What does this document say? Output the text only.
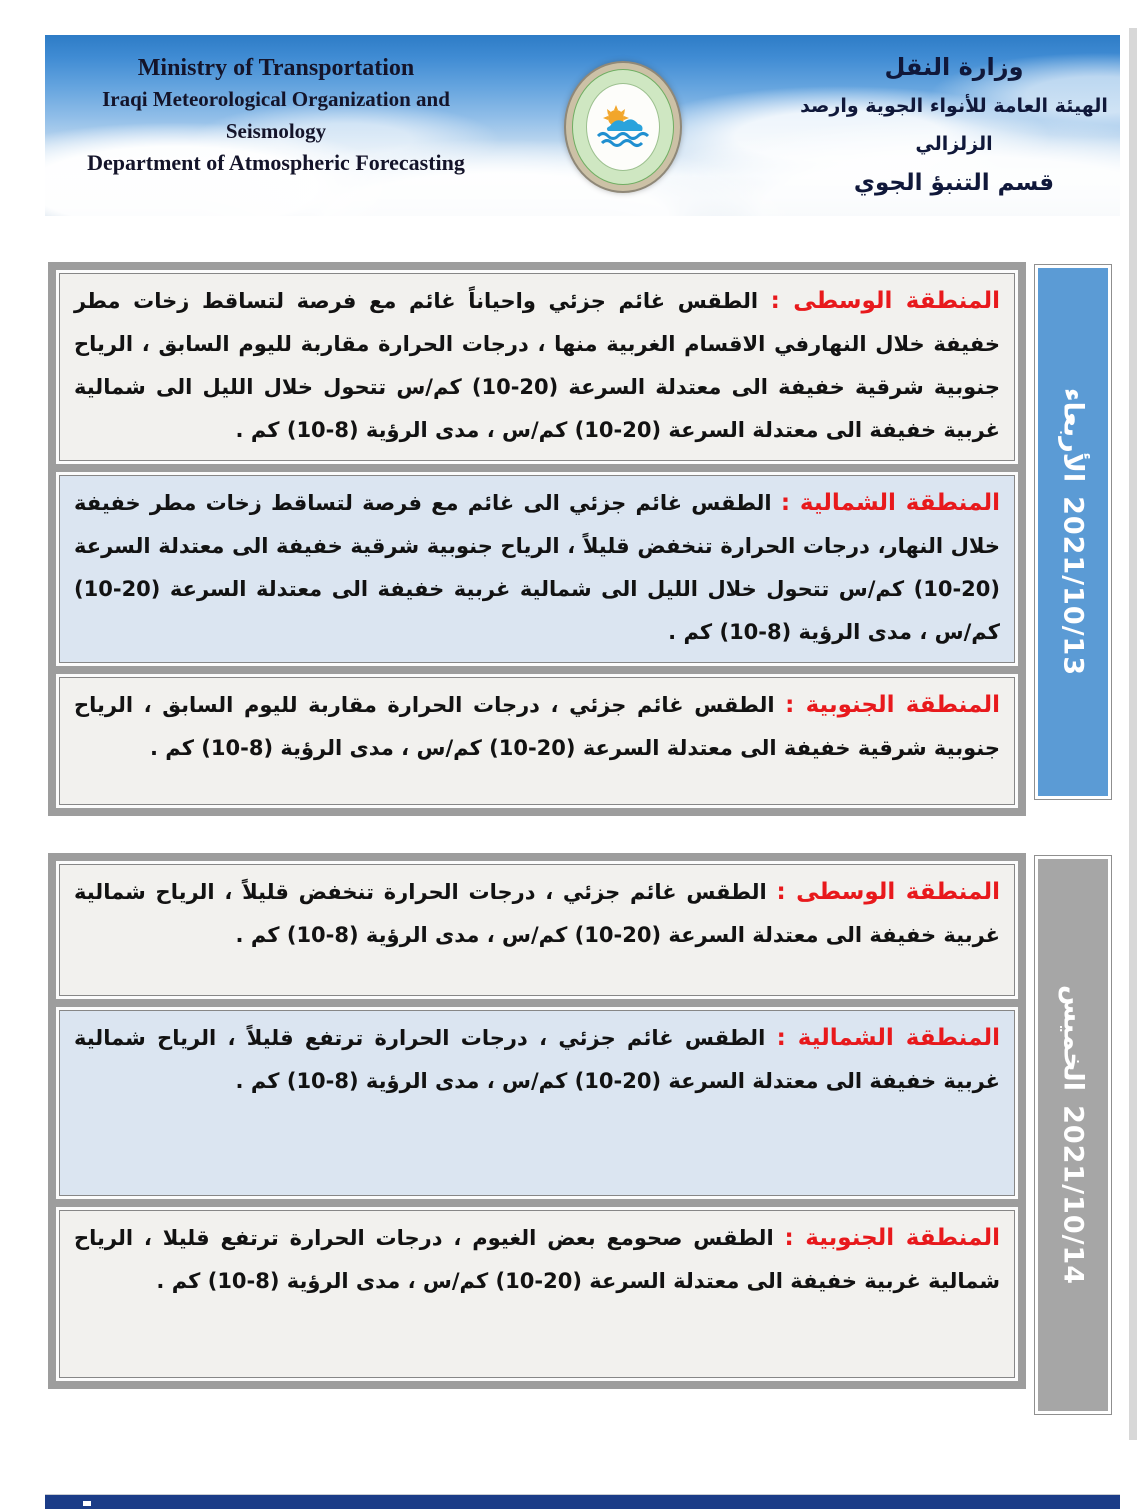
Ministry of Transportation
Iraqi Meteorological Organization and Seismology
Department of Atmospheric Forecasting
وزارة النقل
الهيئة العامة للأنواء الجوية وارصد الزلزالي
قسم التنبؤ الجوي
المنطقة الوسطى : الطقس غائم جزئي واحياناً غائم مع فرصة لتساقط زخات مطر خفيفة خلال النهارفي الاقسام الغربية منها ، درجات الحرارة مقاربة لليوم السابق ، الرياح جنوبية شرقية خفيفة الى معتدلة السرعة (20-10) كم/س تتحول خلال الليل الى شمالية غربية خفيفة الى معتدلة السرعة (20-10) كم/س ، مدى الرؤية (8-10) كم .
المنطقة الشمالية : الطقس غائم جزئي الى غائم مع فرصة لتساقط زخات مطر خفيفة خلال النهار، درجات الحرارة تنخفض قليلاً ، الرياح جنوبية شرقية خفيفة الى معتدلة السرعة (20-10) كم/س تتحول خلال الليل الى شمالية غربية خفيفة الى معتدلة السرعة (20-10) كم/س ، مدى الرؤية (8-10) كم .
المنطقة الجنوبية : الطقس غائم جزئي ، درجات الحرارة مقاربة لليوم السابق ، الرياح جنوبية شرقية خفيفة الى معتدلة السرعة (20-10) كم/س ، مدى الرؤية (8-10) كم .
الأربعاء
2021/10/13
المنطقة الوسطى : الطقس غائم جزئي ، درجات الحرارة تنخفض قليلاً ، الرياح شمالية غربية خفيفة الى معتدلة السرعة (20-10) كم/س ، مدى الرؤية (8-10) كم .
المنطقة الشمالية : الطقس غائم جزئي ، درجات الحرارة ترتفع قليلاً ، الرياح شمالية غربية خفيفة الى معتدلة السرعة (20-10) كم/س ، مدى الرؤية (8-10) كم .
المنطقة الجنوبية : الطقس صحومع بعض الغيوم ، درجات الحرارة ترتفع قليلا ، الرياح شمالية غربية خفيفة الى معتدلة السرعة (20-10) كم/س ، مدى الرؤية (8-10) كم .
الخميس
2021/10/14
